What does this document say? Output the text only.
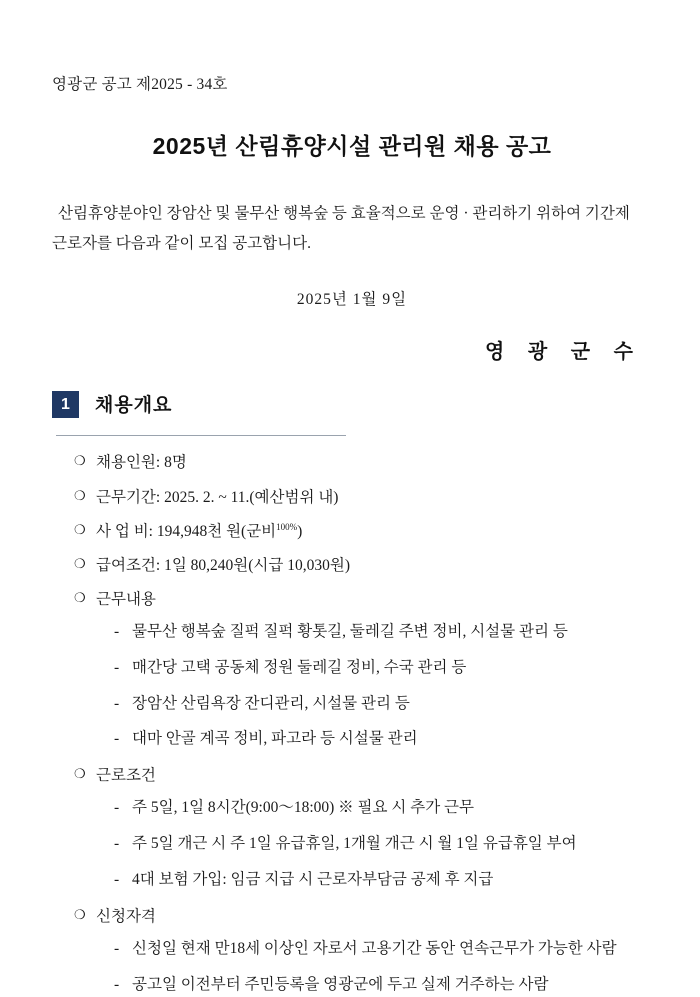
영광군 공고 제2025 - 34호
2025년 산림휴양시설 관리원 채용 공고

산림휴양분야인 장암산 및 물무산 행복숲 등 효율적으로 운영 · 관리하기 위하여 기간제
근로자를 다음과 같이 모집 공고합니다.

2025년 1월 9일
영 광 군 수
1	채용개요
❍ 채용인원: 8명
❍ 근무기간: 2025. 2. ~ 11.(예산범위 내)
❍ 사 업 비: 194,948천 원(군비$^{100\%}$)
❍ 급여조건: 1일 80,240원(시급 10,030원)
❍ 근무내용
- 물무산 행복숲 질퍽 질퍽 황톳길, 둘레길 주변 정비, 시설물 관리 등
- 매간당 고택 공동체 정원 둘레길 정비, 수국 관리 등
- 장암산 산림욕장 잔디관리, 시설물 관리 등
- 대마 안골 계곡 정비, 파고라 등 시설물 관리
❍ 근로조건
- 주 5일, 1일 8시간(9:00～18:00) ※ 필요 시 추가 근무
- 주 5일 개근 시 주 1일 유급휴일, 1개월 개근 시 월 1일 유급휴일 부여
- 4대 보험 가입: 임금 지급 시 근로자부담금 공제 후 지급
❍ 신청자격
- 신청일 현재 만18세 이상인 자로서 고용기간 동안 연속근무가 가능한 사람
- 공고일 이전부터 주민등록을 영광군에 두고 실제 거주하는 사람
